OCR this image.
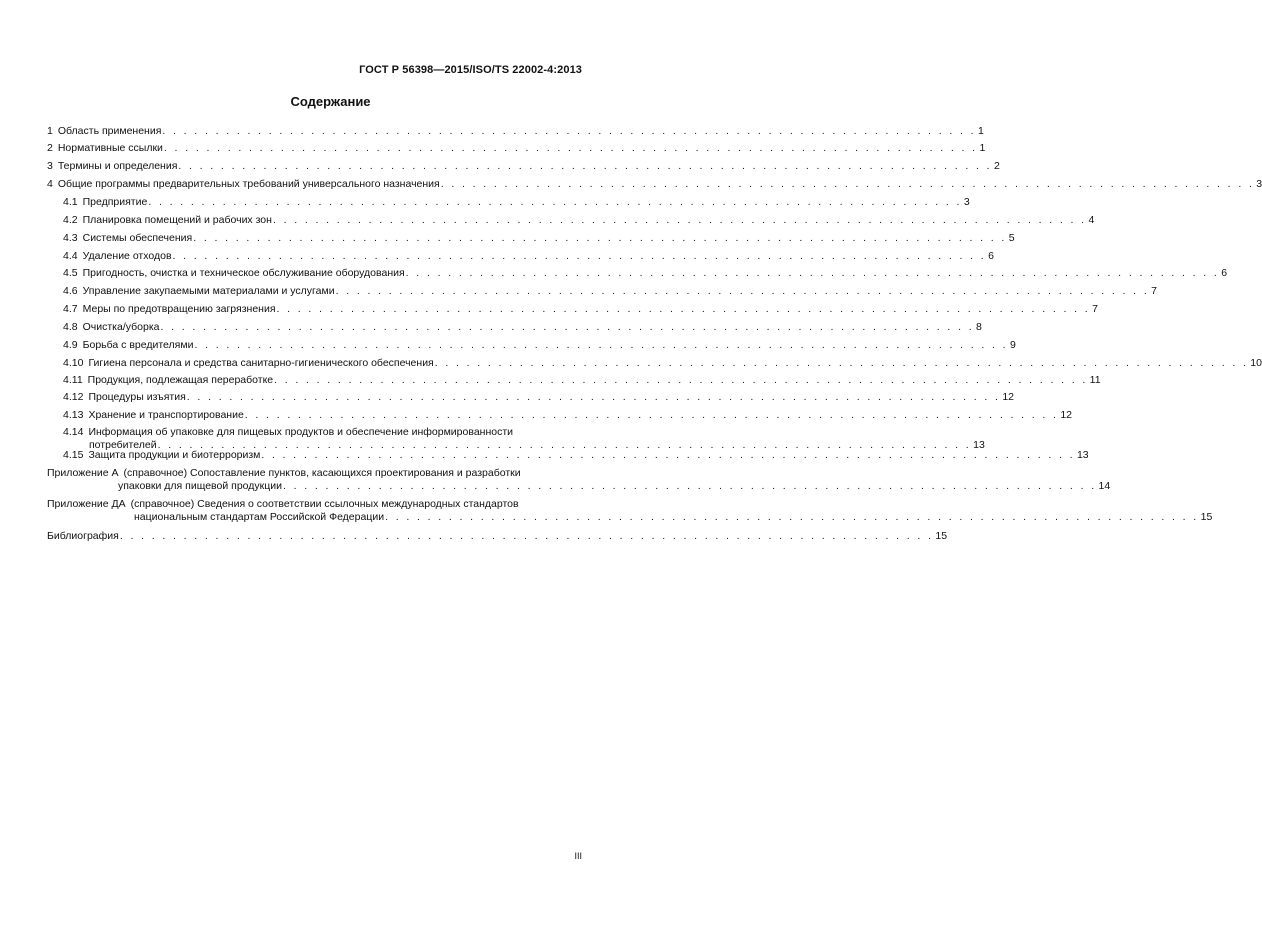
ГОСТ Р 56398—2015/ISO/TS 22002-4:2013
Содержание
1 Область применения . . . . . . . . . . . . . . . . . . . . . . . . . . . . . . . . . . . . . . . . . . . . . . . . . . . . . . . . . . . . . . . . . . . . . . . . . . . . . 1
2 Нормативные ссылки . . . . . . . . . . . . . . . . . . . . . . . . . . . . . . . . . . . . . . . . . . . . . . . . . . . . . . . . . . . . . . . . . . . . . . . . . . . . . 1
3 Термины и определения . . . . . . . . . . . . . . . . . . . . . . . . . . . . . . . . . . . . . . . . . . . . . . . . . . . . . . . . . . . . . . . . . . . . . . . . . . . . . 2
4 Общие программы предварительных требований универсального назначения . . . . . . . . . . . . . . . . . . . . . . . . . . . . . . . . . . . . . . . . . . . . . . . . . . . . . . . . . . . . . . . . . . . . . . . . . . . . . 3
4.1 Предприятие . . . . . . . . . . . . . . . . . . . . . . . . . . . . . . . . . . . . . . . . . . . . . . . . . . . . . . . . . . . . . . . . . . . . . . . . . . . . . 3
4.2 Планировка помещений и рабочих зон . . . . . . . . . . . . . . . . . . . . . . . . . . . . . . . . . . . . . . . . . . . . . . . . . . . . . . . . . . . . . . . . . . . . . . . . . . . . . 4
4.3 Системы обеспечения . . . . . . . . . . . . . . . . . . . . . . . . . . . . . . . . . . . . . . . . . . . . . . . . . . . . . . . . . . . . . . . . . . . . . . . . . . . . . 5
4.4 Удаление отходов . . . . . . . . . . . . . . . . . . . . . . . . . . . . . . . . . . . . . . . . . . . . . . . . . . . . . . . . . . . . . . . . . . . . . . . . . . . . . 6
4.5 Пригодность, очистка и техническое обслуживание оборудования . . . . . . . . . . . . . . . . . . . . . . . . . . . . . . . . . . . . . . . . . . . . . . . . . . . . . . . . . . . . . . . . . . . . . . . . . . . . . 6
4.6 Управление закупаемыми материалами и услугами . . . . . . . . . . . . . . . . . . . . . . . . . . . . . . . . . . . . . . . . . . . . . . . . . . . . . . . . . . . . . . . . . . . . . . . . . . . . . 7
4.7 Меры по предотвращению загрязнения . . . . . . . . . . . . . . . . . . . . . . . . . . . . . . . . . . . . . . . . . . . . . . . . . . . . . . . . . . . . . . . . . . . . . . . . . . . . . 7
4.8 Очистка/уборка . . . . . . . . . . . . . . . . . . . . . . . . . . . . . . . . . . . . . . . . . . . . . . . . . . . . . . . . . . . . . . . . . . . . . . . . . . . . . 8
4.9 Борьба с вредителями . . . . . . . . . . . . . . . . . . . . . . . . . . . . . . . . . . . . . . . . . . . . . . . . . . . . . . . . . . . . . . . . . . . . . . . . . . . . . 9
4.10 Гигиена персонала и средства санитарно-гигиенического обеспечения . . . . . . . . . . . . . . . . . . . . . . . . . . . . . . . . . . . . . . . . . . . . . . . . . . . . . . . . . . . . . . . . . . . . . . . . . . . . . 10
4.11 Продукция, подлежащая переработке . . . . . . . . . . . . . . . . . . . . . . . . . . . . . . . . . . . . . . . . . . . . . . . . . . . . . . . . . . . . . . . . . . . . . . . . . . . . . 11
4.12 Процедуры изъятия . . . . . . . . . . . . . . . . . . . . . . . . . . . . . . . . . . . . . . . . . . . . . . . . . . . . . . . . . . . . . . . . . . . . . . . . . . . . . 12
4.13 Хранение и транспортирование . . . . . . . . . . . . . . . . . . . . . . . . . . . . . . . . . . . . . . . . . . . . . . . . . . . . . . . . . . . . . . . . . . . . . . . . . . . . . 12
4.14 Информация об упаковке для пищевых продуктов и обеспечение информированности
потребителей . . . . . . . . . . . . . . . . . . . . . . . . . . . . . . . . . . . . . . . . . . . . . . . . . . . . . . . . . . . . . . . . . . . . . . . . . . . . . 13
4.15 Защита продукции и биотерроризм . . . . . . . . . . . . . . . . . . . . . . . . . . . . . . . . . . . . . . . . . . . . . . . . . . . . . . . . . . . . . . . . . . . . . . . . . . . . . 13
Приложение А (справочное) Сопоставление пунктов, касающихся проектирования и разработки
упаковки для пищевой продукции . . . . . . . . . . . . . . . . . . . . . . . . . . . . . . . . . . . . . . . . . . . . . . . . . . . . . . . . . . . . . . . . . . . . . . . . . . . . . 14
Приложение ДА (справочное) Сведения о соответствии ссылочных международных стандартов
национальным стандартам Российской Федерации . . . . . . . . . . . . . . . . . . . . . . . . . . . . . . . . . . . . . . . . . . . . . . . . . . . . . . . . . . . . . . . . . . . . . . . . . . . . . 15
Библиография . . . . . . . . . . . . . . . . . . . . . . . . . . . . . . . . . . . . . . . . . . . . . . . . . . . . . . . . . . . . . . . . . . . . . . . . . . . . . 15
III
